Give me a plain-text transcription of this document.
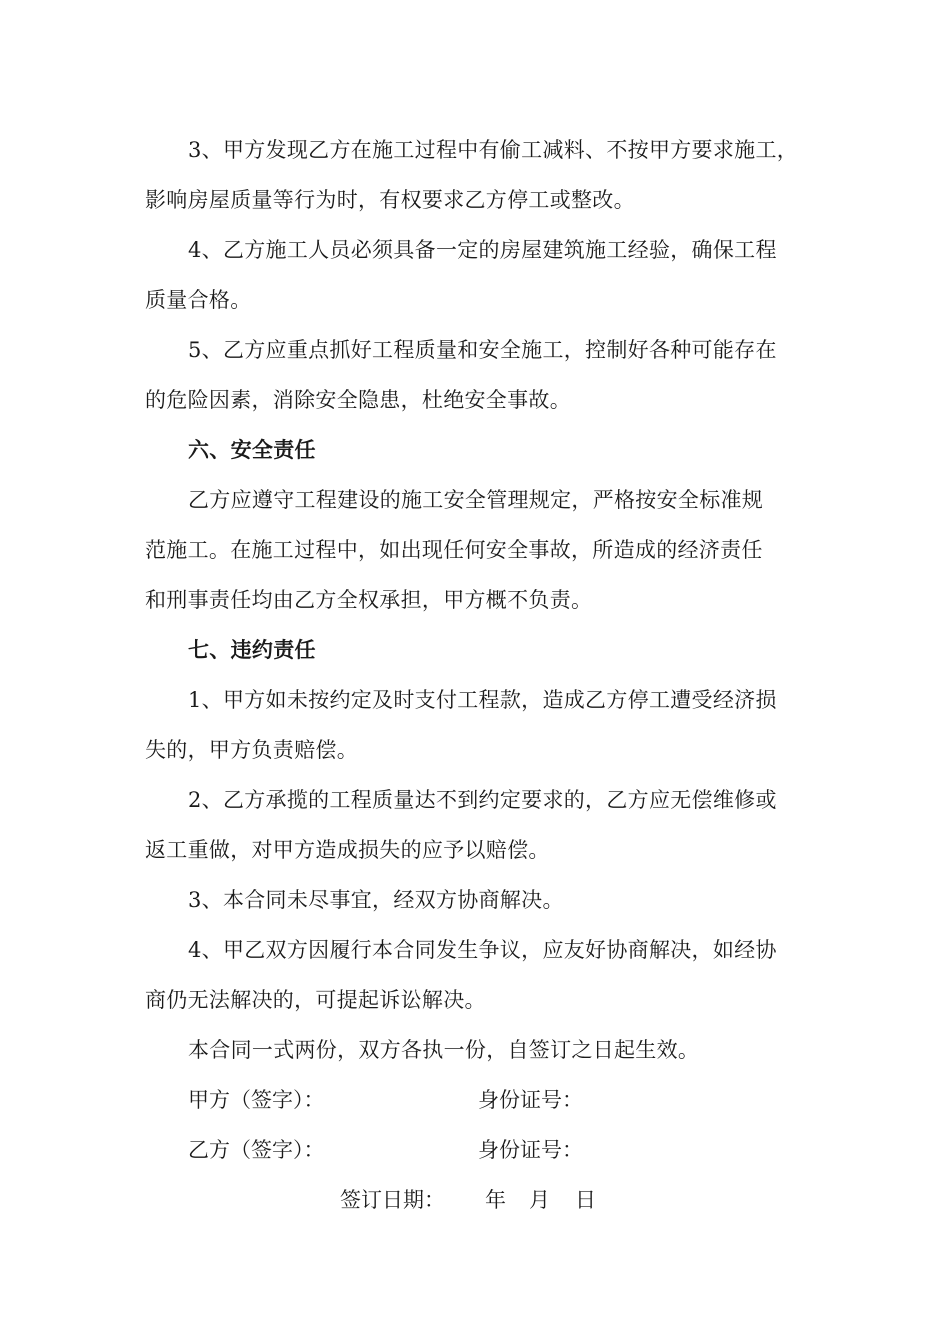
3、甲方发现乙方在施工过程中有偷工减料、不按甲方要求施工，
影响房屋质量等行为时，有权要求乙方停工或整改。

4、乙方施工人员必须具备一定的房屋建筑施工经验，确保工程
质量合格。

5、乙方应重点抓好工程质量和安全施工，控制好各种可能存在
的危险因素，消除安全隐患，杜绝安全事故。

六、安全责任

乙方应遵守工程建设的施工安全管理规定，严格按安全标准规
范施工。在施工过程中，如出现任何安全事故，所造成的经济责任
和刑事责任均由乙方全权承担，甲方概不负责。

七、违约责任

1、甲方如未按约定及时支付工程款，造成乙方停工遭受经济损
失的，甲方负责赔偿。

2、乙方承揽的工程质量达不到约定要求的，乙方应无偿维修或
返工重做，对甲方造成损失的应予以赔偿。

3、本合同未尽事宜，经双方协商解决。

4、甲乙双方因履行本合同发生争议，应友好协商解决，如经协
商仍无法解决的，可提起诉讼解决。

本合同一式两份，双方各执一份，自签订之日起生效。

甲方（签字）：	身份证号：
乙方（签字）：	身份证号：
签订日期： 年 月 日
